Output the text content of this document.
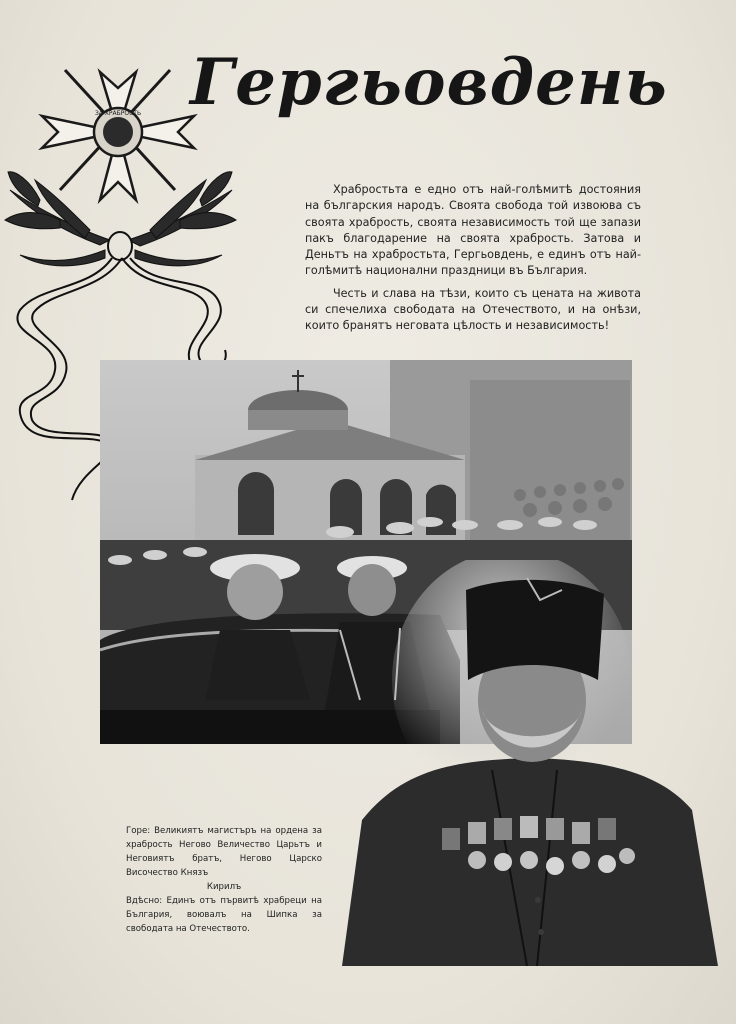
ЗА ХРАБРОСТЬ Гергьовдень

Храбростьта е едно отъ най-голѣмитѣ достояния на българския народъ. Своята свобода той извоюва съ своята храбрость, своята независимость той ще запази пакъ благодарение на своята храбрость. Затова и Деньтъ на храбростьта, Гергьовдень, е единъ отъ най-голѣмитѣ национални праздници въ България.

Честь и слава на тѣзи, които съ цената на живота си спечелиха свободата на Отечеството, и на онѣзи, които бранятъ неговата цѣлость и независимость!

Горе: Великиятъ магистъръ на ордена за храбрость Негово Величество Царьтъ и Неговиятъ братъ, Негово Царско Височество Князъ

Кирилъ

Вдѣсно: Единъ отъ първитѣ храбреци на България, воювалъ на Шипка за свободата на Отечеството.
